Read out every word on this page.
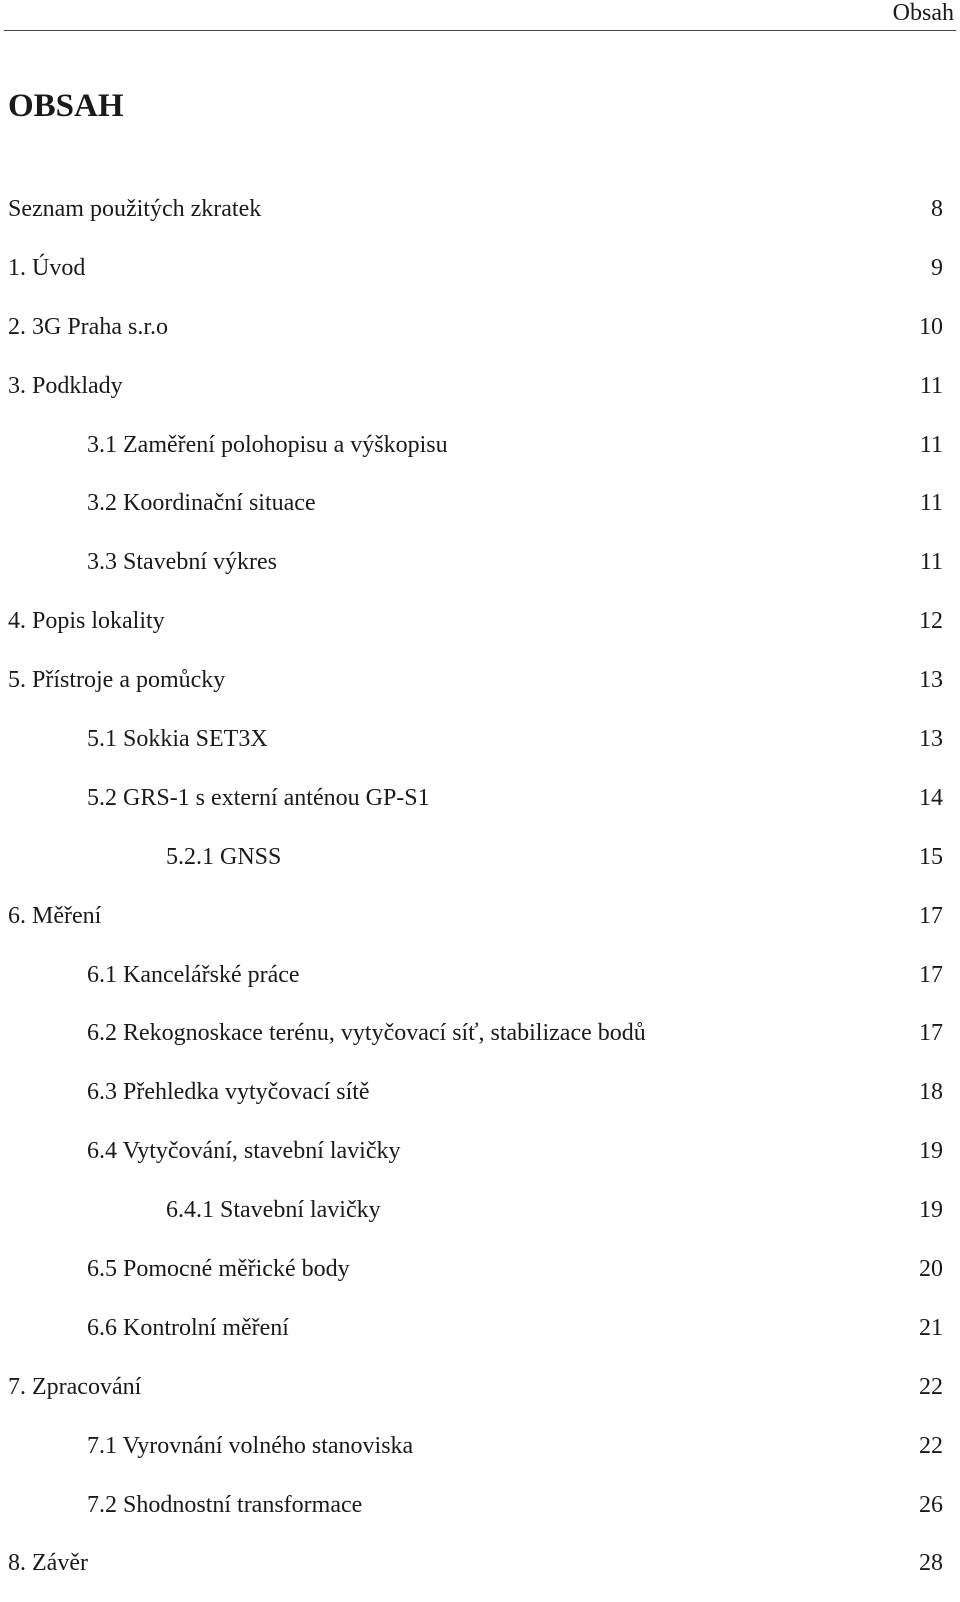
Obsah
OBSAH
Seznam použitých zkratek	8
1. Úvod	9
2. 3G Praha s.r.o	10
3. Podklady	11
3.1 Zaměření polohopisu a výškopisu	11
3.2 Koordinační situace	11
3.3 Stavební výkres	11
4. Popis lokality	12
5. Přístroje a pomůcky	13
5.1 Sokkia SET3X	13
5.2 GRS-1 s externí anténou GP-S1	14
5.2.1 GNSS	15
6. Měření	17
6.1 Kancelářské práce	17
6.2 Rekognoskace terénu, vytyčovací síť, stabilizace bodů	17
6.3 Přehledka vytyčovací sítě	18
6.4 Vytyčování, stavební lavičky	19
6.4.1 Stavební lavičky	19
6.5 Pomocné měřické body	20
6.6 Kontrolní měření	21
7. Zpracování	22
7.1 Vyrovnání volného stanoviska	22
7.2 Shodnostní transformace	26
8. Závěr	28
